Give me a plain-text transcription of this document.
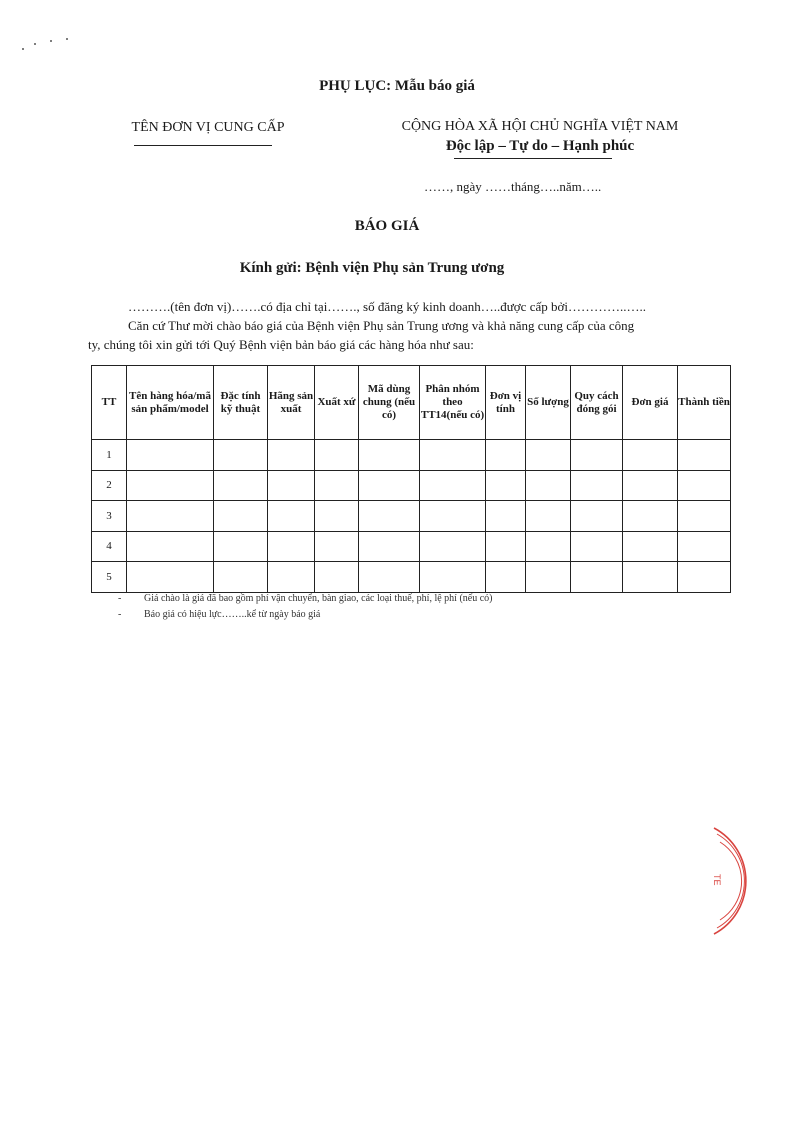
PHỤ LỤC: Mẫu báo giá
TÊN ĐƠN VỊ CUNG CẤP	CỘNG HÒA XÃ HỘI CHỦ NGHĨA VIỆT NAM
Độc lập – Tự do – Hạnh phúc
……, ngày ……tháng…..năm…..
BÁO GIÁ
Kính gửi: Bệnh viện Phụ sản Trung ương
……….(tên đơn vị)…….có địa chỉ tại……., số đăng ký kinh doanh…..được cấp bởi…………..…..
Căn cứ Thư mời chào báo giá của Bệnh viện Phụ sản Trung ương và khả năng cung cấp của công
ty, chúng tôi xin gửi tới Quý Bệnh viện bản báo giá các hàng hóa như sau:
TT	Tên hàng hóa/mã sản phẩm/model	Đặc tính kỹ thuật	Hãng sản xuất	Xuất xứ	Mã dùng chung (nếu có)	Phân nhóm theo TT14(nếu có)	Đơn vị tính	Số lượng	Quy cách đóng gói	Đơn giá	Thành tiền
1											
2											
3											
4											
5											
- Giá chào là giá đã bao gồm phí vận chuyển, bàn giao, các loại thuế, phí, lệ phí (nếu có)
- Báo giá có hiệu lực……..kể từ ngày báo giá
TE
